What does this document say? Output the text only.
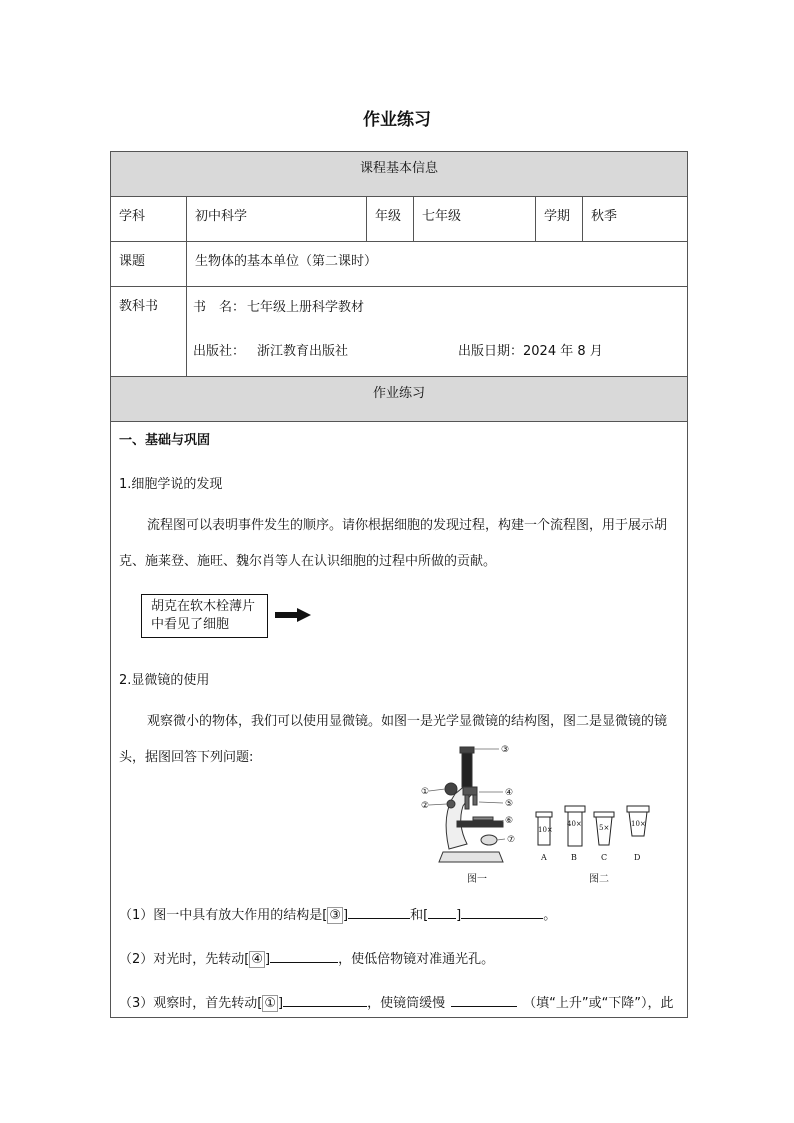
作业练习
课程基本信息
学科	初中科学	年级	七年级	学期	秋季
课题	生物体的基本单位（第二课时）
教科书	书　名： 七年级上册科学教材
出版社： 浙江教育出版社	出版日期： 2024 年 8 月
作业练习
一、基础与巩固
1.细胞学说的发现
流程图可以表明事件发生的顺序。请你根据细胞的发现过程，构建一个流程图，用于展示胡克、施莱登、施旺、魏尔肖等人在认识细胞的过程中所做的贡献。
胡克在软木栓薄片中看见了细胞
2.显微镜的使用
观察微小的物体，我们可以使用显微镜。如图一是光学显微镜的结构图，图二是显微镜的镜头，据图回答下列问题:
①
②
③
④
⑤
⑥
⑦
图一	图二
10×
40× 5×	10×
A	B	C	D
（1）图一中具有放大作用的结构是[ ③ ]	和[ ]	。
（2）对光时，先转动[ ④ ]	，使低倍物镜对准通光孔。
（3）观察时，首先转动[ ① ]	，使镜筒缓慢	（填“上升”或“下降”），此
